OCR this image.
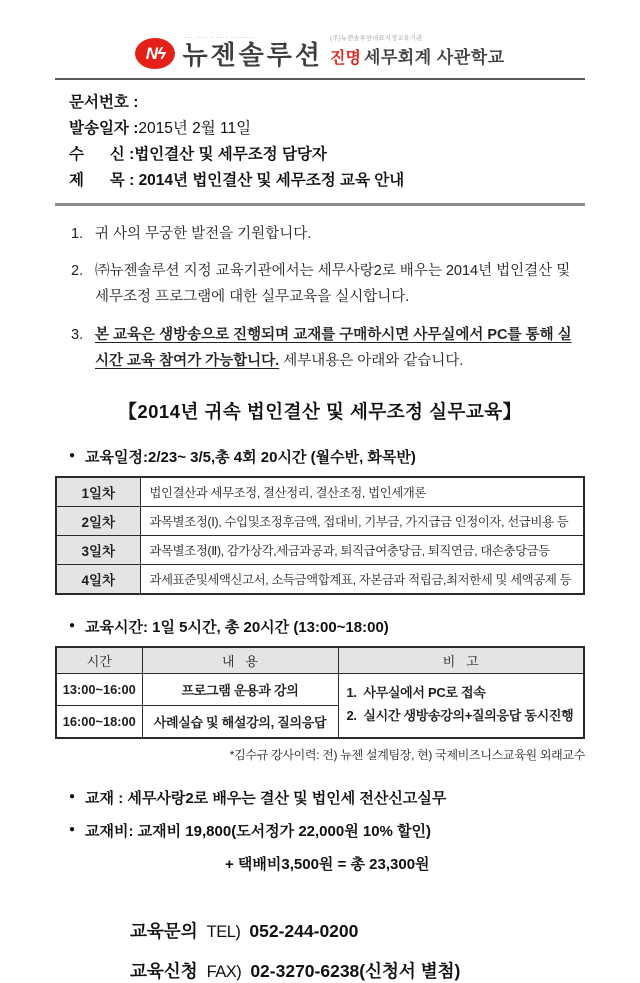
Nϟ
··· ···· · ···· ········
뉴젠솔루션
(주)뉴젠솔루션대표지정교육기관
진명 세무회계 사관학교
문서번호 :
발송일자 : 2015년 2월 11일
수      신 : 법인결산 및 세무조정 담당자
제      목 : 2014년 법인결산 및 세무조정 교육 안내
1. 귀 사의 무궁한 발전을 기원합니다.
2. ㈜뉴젠솔루션 지정 교육기관에서는 세무사랑2로 배우는 2014년 법인결산 및 세무조정 프로그램에 대한 실무교육을 실시합니다.
3. 본 교육은 생방송으로 진행되며 교재를 구매하시면 사무실에서 PC를 통해 실시간 교육 참여가 가능합니다. 세부내용은 아래와 같습니다.
【2014년 귀속 법인결산 및 세무조정 실무교육】
● 교육일정:2/23~ 3/5,총 4회 20시간 (월수반, 화목반)
1일차	법인결산과 세무조정, 결산정리, 결산조정, 법인세개론
2일차	과목별조정(Ⅰ), 수입및조정후금액, 접대비, 기부금, 가지급금 인정이자, 선급비용 등
3일차	과목별조정(Ⅱ), 감가상각,세금과공과, 퇴직급여충당금, 퇴직연금, 대손충당금등
4일차	과세표준및세액신고서, 소득금액합계표, 자본금과 적립금,최저한세 및 세액공제 등
● 교육시간: 1일 5시간, 총 20시간 (13:00~18:00)
시간	내   용	비   고
13:00~16:00	프로그램 운용과 강의	1.  사무실에서 PC로 접속
2.  실시간 생방송강의+질의응답 동시진행

16:00~18:00	사례실습 및 해설강의, 질의응답	
*김수규 강사이력: 전) 뉴젠 설계팀장, 현) 국제비즈니스교육원 외래교수
● 교재 : 세무사랑2로 배우는 결산 및 법인세 전산신고실무
● 교재비: 교재비 19,800(도서정가 22,000원 10% 할인)
+ 택배비3,500원 = 총 23,300원
교육문의 TEL) 052-244-0200
교육신청 FAX) 02-3270-6238(신청서 별첨)
